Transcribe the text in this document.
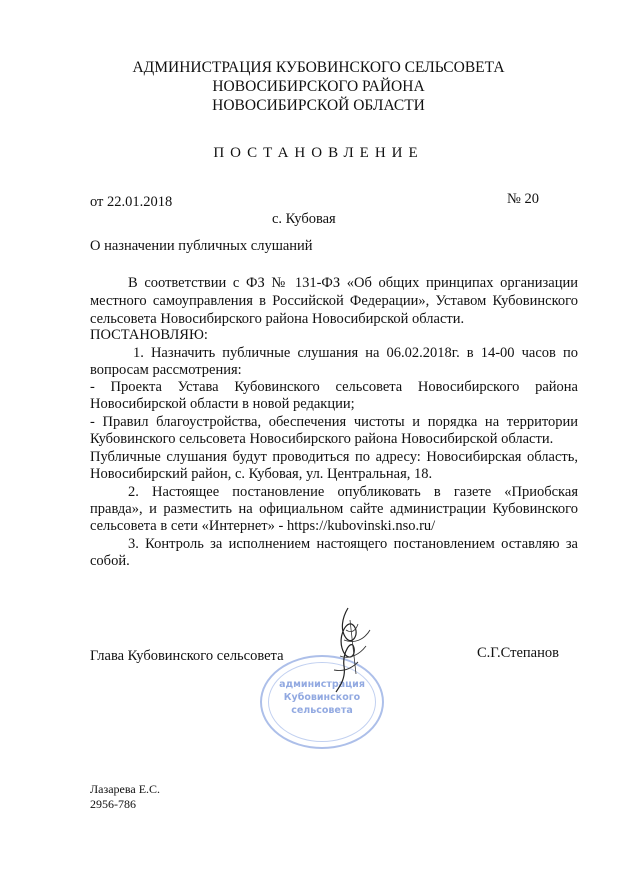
АДМИНИСТРАЦИЯ КУБОВИНСКОГО СЕЛЬСОВЕТА
НОВОСИБИРСКОГО РАЙОНА
НОВОСИБИРСКОЙ ОБЛАСТИ
ПОСТАНОВЛЕНИЕ
от 22.01.2018	№ 20
с. Кубовая
О назначении публичных слушаний
В соответствии с ФЗ № 131-ФЗ «Об общих принципах организации
местного самоуправления в Российской Федерации», Уставом Кубовинского
сельсовета Новосибирского района Новосибирской области.
ПОСТАНОВЛЯЮ:
1. Назначить публичные слушания на 06.02.2018г. в 14-00 часов по
вопросам рассмотрения:
- Проекта Устава Кубовинского сельсовета Новосибирского района
Новосибирской области в новой редакции;
- Правил благоустройства, обеспечения чистоты и порядка на территории
Кубовинского сельсовета Новосибирского района Новосибирской области.
Публичные слушания будут проводиться по адресу: Новосибирская область,
Новосибирский район, с. Кубовая, ул. Центральная, 18.
2. Настоящее постановление опубликовать в газете «Приобская
правда», и разместить на официальном сайте администрации Кубовинского
сельсовета в сети «Интернет» - https://kubovinski.nso.ru/
3. Контроль за исполнением настоящего постановлением оставляю за
собой.
администрация
Кубовинского
сельсовета
Глава Кубовинского сельсовета	С.Г.Степанов
Лазарева Е.С.
2956-786
